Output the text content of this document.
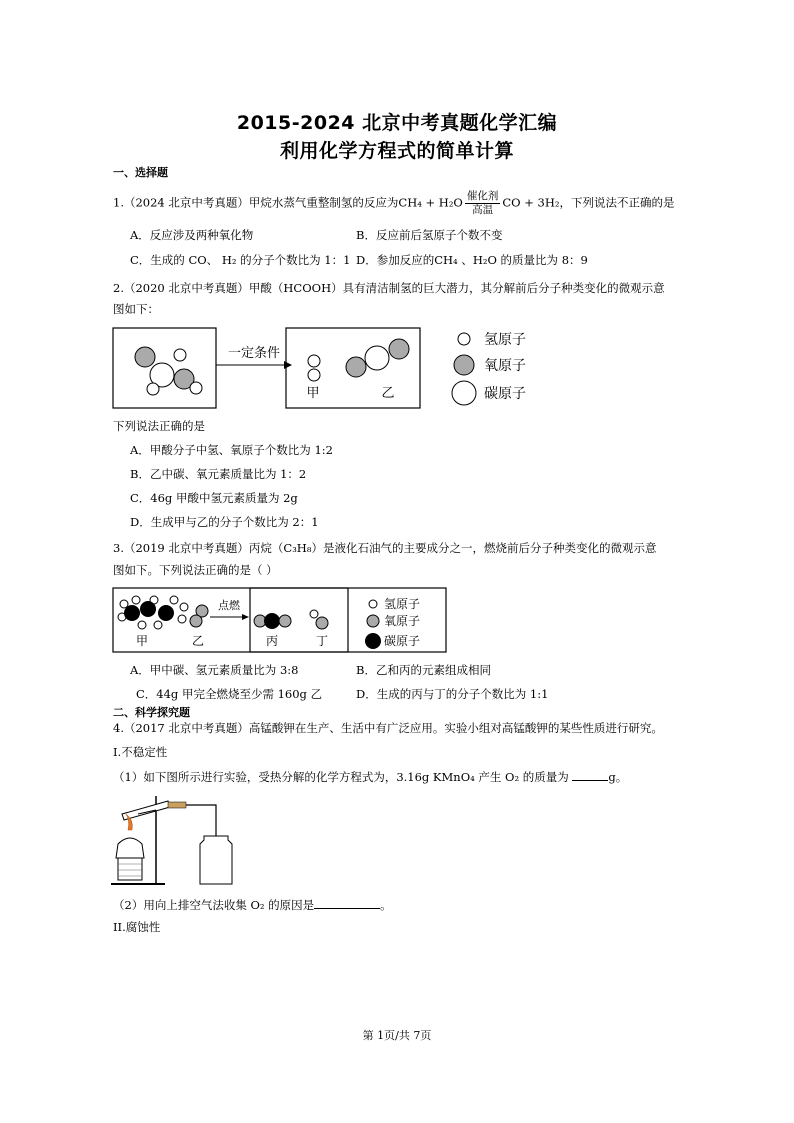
2015-2024 北京中考真题化学汇编
利用化学方程式的简单计算
一、选择题
1.（2024 北京中考真题）甲烷水蒸气重整制氢的反应为$CH_4 + H_2O \frac{\text{催化剂}}{\text{高温}}$ CO + 3H₂，下列说法不正确的是
A．反应涉及两种氧化物	B．反应前后氢原子个数不变
C．生成的 CO、 H₂ 的分子个数比为 1：1 D．参加反应的CH₄ 、H₂O 的质量比为 8：9
2.（2020 北京中考真题）甲酸（HCOOH）具有清洁制氢的巨大潜力，其分解前后分子种类变化的微观示意
图如下：
一定条件
甲	乙
氢原子
氧原子
碳原子
下列说法正确的是
A．甲酸分子中氢、氧原子个数比为 1:2
B．乙中碳、氧元素质量比为 1：2
C．46g 甲酸中氢元素质量为 2g
D．生成甲与乙的分子个数比为 2：1
3.（2019 北京中考真题）丙烷（C₃H₈）是液化石油气的主要成分之一，燃烧前后分子种类变化的微观示意
图如下。下列说法正确的是（ ）
甲	乙
点燃
丙	丁
氢原子
氧原子
碳原子
A．甲中碳、氢元素质量比为 3:8	B．乙和丙的元素组成相同
C．44g 甲完全燃烧至少需 160g 乙	D．生成的丙与丁的分子个数比为 1:1
二、科学探究题
4.（2017 北京中考真题）高锰酸钾在生产、生活中有广泛应用。实验小组对高锰酸钾的某些性质进行研究。
I.不稳定性
（1）如下图所示进行实验，受热分解的化学方程式为，3.16g KMnO₄ 产生 O₂ 的质量为	g。
（2）用向上排空气法收集 O₂ 的原因是	。
II.腐蚀性
第 1页/共 7页
